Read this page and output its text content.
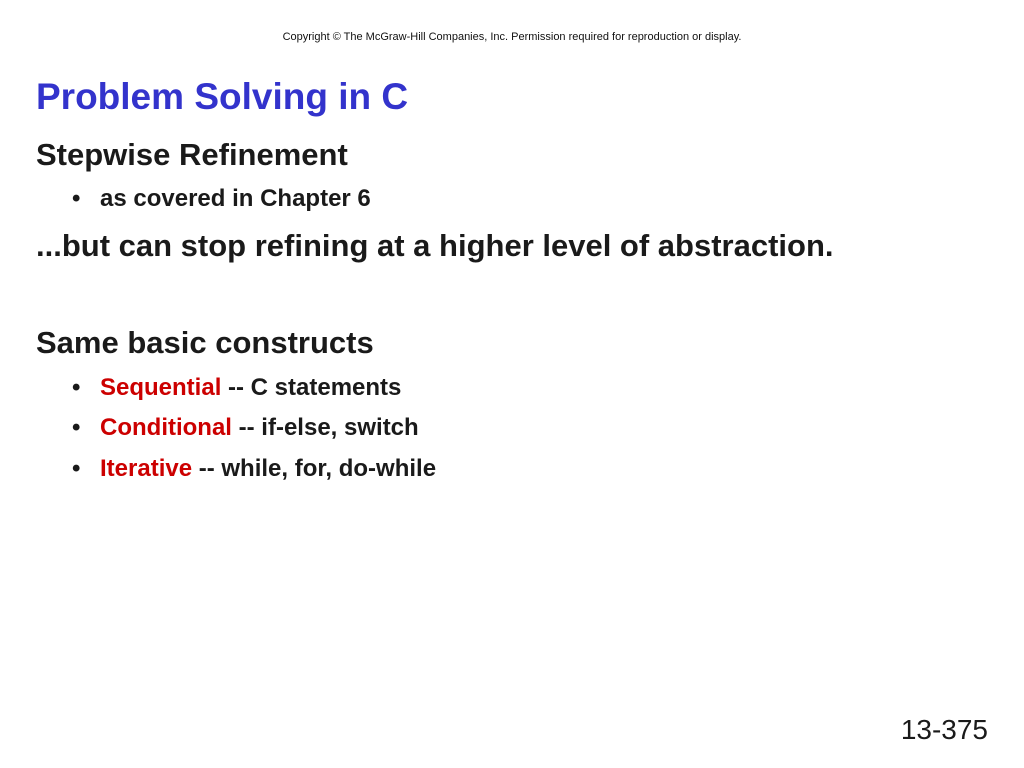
Copyright © The McGraw-Hill Companies, Inc. Permission required for reproduction or display.
Problem Solving in C
Stepwise Refinement
• as covered in Chapter 6
...but can stop refining at a higher level of abstraction.
Same basic constructs
• Sequential -- C statements
• Conditional -- if-else, switch
• Iterative -- while, for, do-while
13-375
